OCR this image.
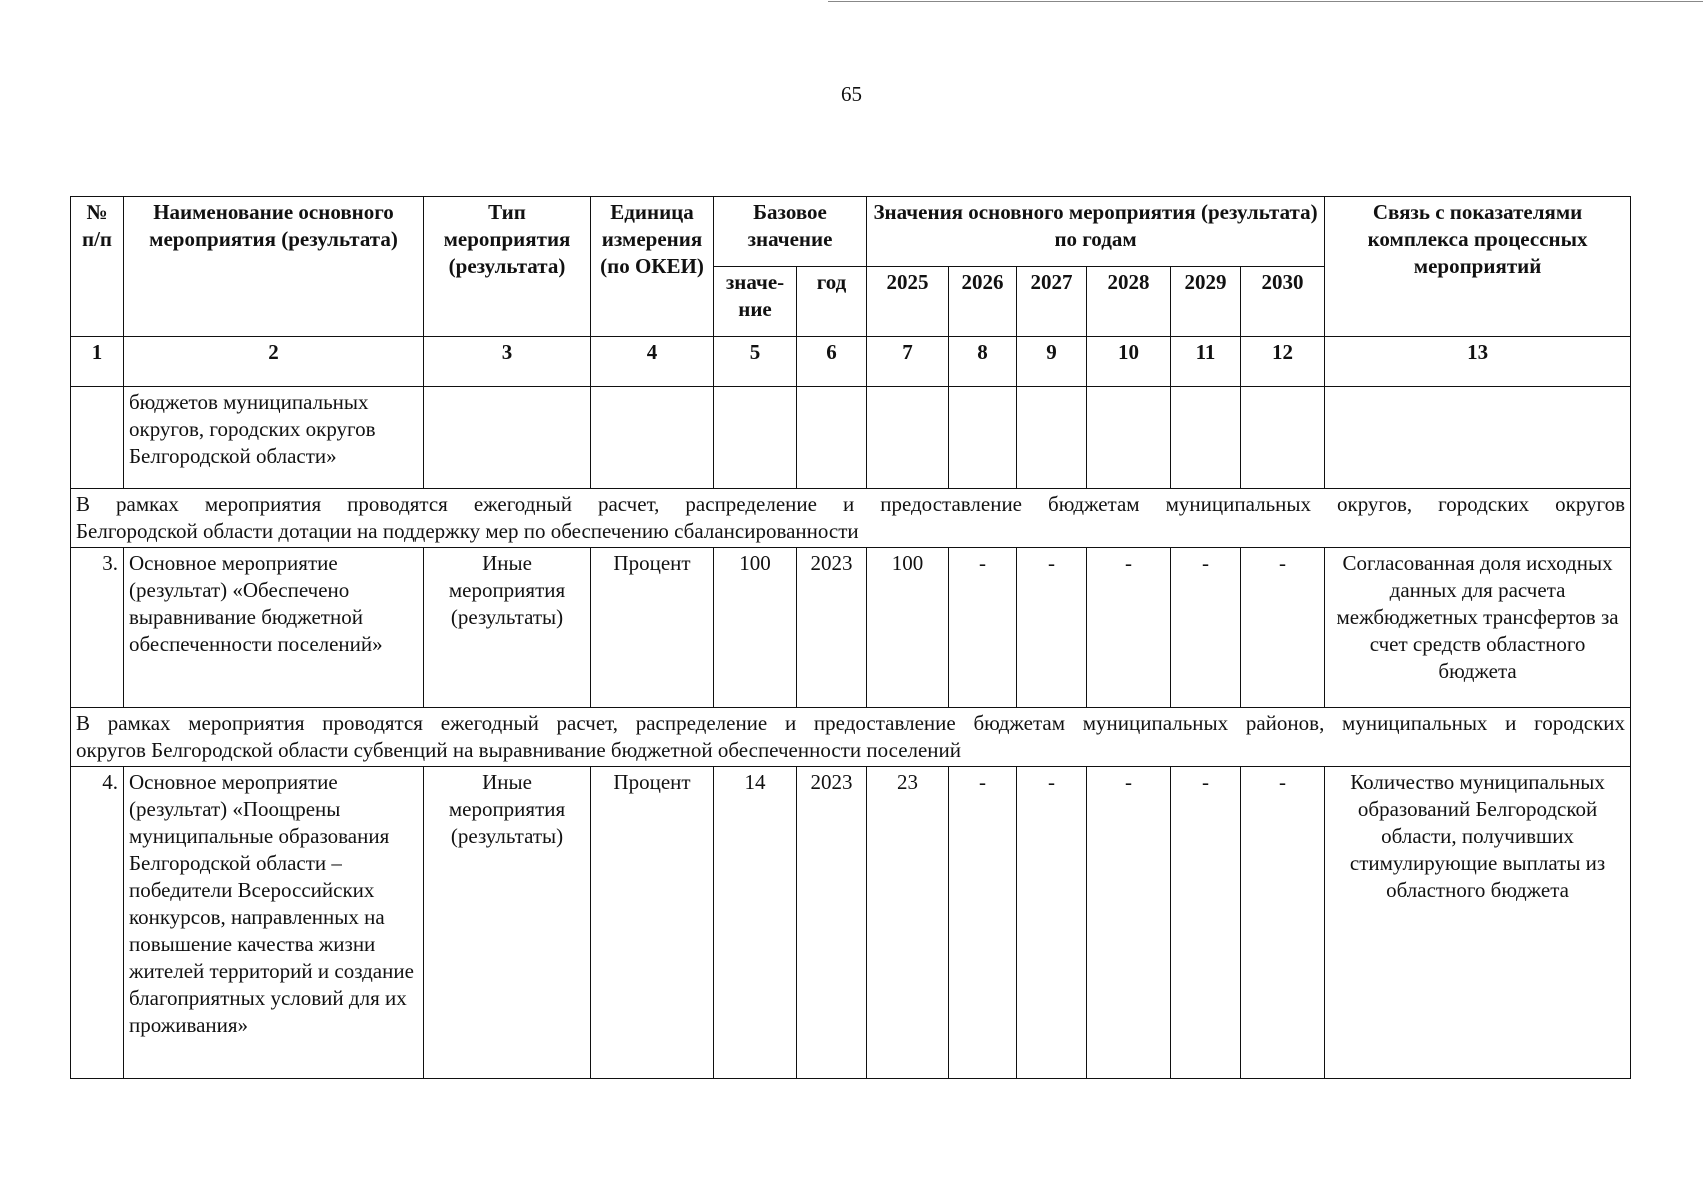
65
№ п/п	Наименование основного мероприятия (результата)	Тип мероприятия (результата)	Единица измерения (по ОКЕИ)	Базовое значение		Значения основного мероприятия (результата) по годам						Связь с показателями комплекса процессных мероприятий
				значе-ние	год	2025	2026	2027	2028	2029	2030	
1	2	3	4	5	6	7	8	9	10	11	12	13
	бюджетов муниципальных округов, городских округов Белгородской области»											

В рамках мероприятия проводятся ежегодный расчет, распределение и предоставление бюджетам муниципальных округов, городских округов
Белгородской области дотации на поддержку мер по обеспечению сбалансированности												

3.	Основное мероприятие (результат) «Обеспечено выравнивание бюджетной обеспеченности поселений»	Иные мероприятия (результаты)	Процент	100	2023	100	-	-	-	-	-	Согласованная доля исходных данных для расчета межбюджетных трансфертов за счет средств областного бюджета

В рамках мероприятия проводятся ежегодный расчет, распределение и предоставление бюджетам муниципальных районов, муниципальных и городских
округов Белгородской области субвенций на выравнивание бюджетной обеспеченности поселений												

4.	Основное мероприятие (результат) «Поощрены муниципальные образования Белгородской области – победители Всероссийских конкурсов, направленных на повышение качества жизни жителей территорий и создание благоприятных условий для их проживания»	Иные мероприятия (результаты)	Процент	14	2023	23	-	-	-	-	-	Количество муниципальных образований Белгородской области, получивших стимулирующие выплаты из областного бюджета
